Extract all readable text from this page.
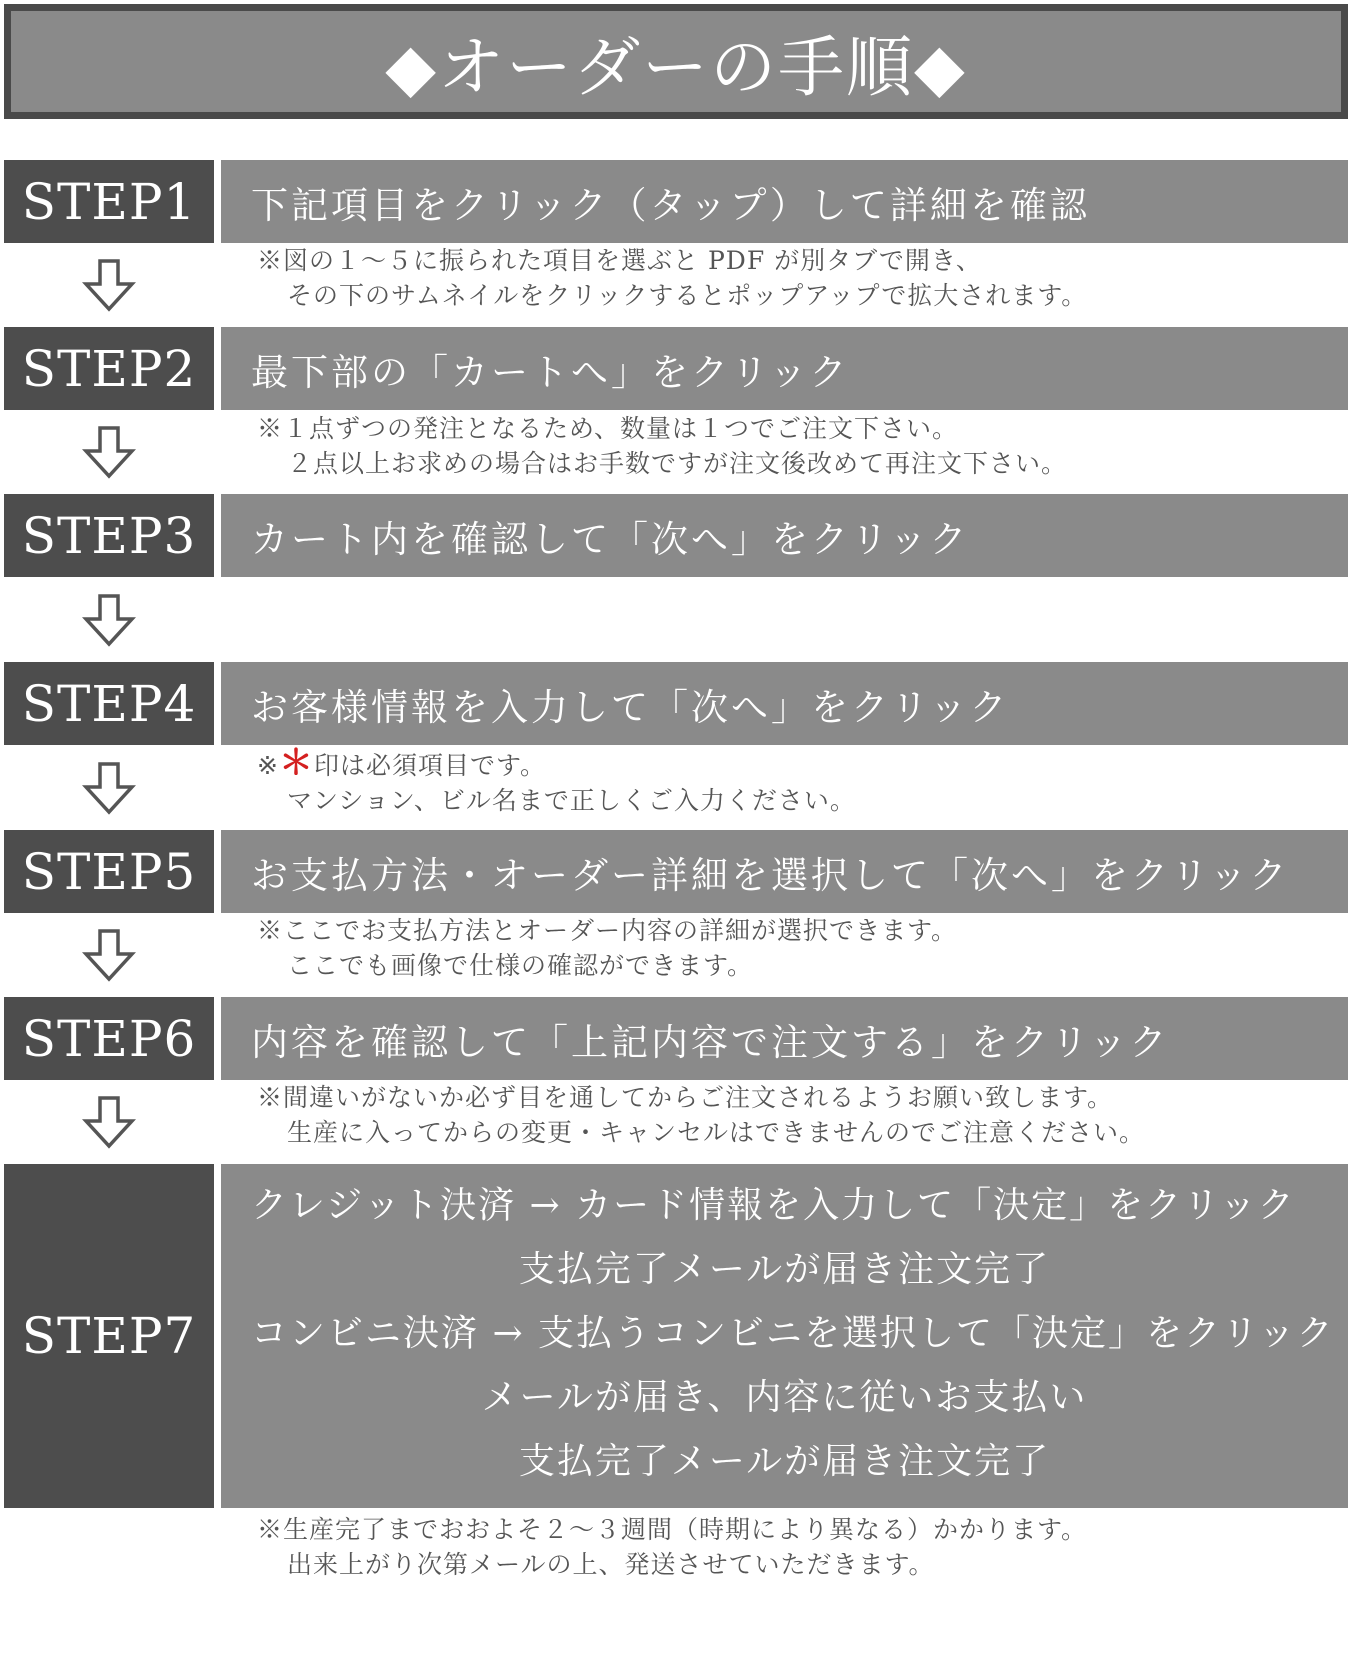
◆オーダーの手順◆
STEP1	下記項目をクリック（タップ）して詳細を確認
※図の１～５に振られた項目を選ぶと PDF が別タブで開き、
その下のサムネイルをクリックするとポップアップで拡大されます。
STEP2	最下部の「カートへ」をクリック
※１点ずつの発注となるため、数量は１つでご注文下さい。
２点以上お求めの場合はお手数ですが注文後改めて再注文下さい。
STEP3	カート内を確認して「次へ」をクリック
STEP4	お客様情報を入力して「次へ」をクリック
※＊印は必須項目です。
マンション、ビル名まで正しくご入力ください。
STEP5	お支払方法・オーダー詳細を選択して「次へ」をクリック
※ここでお支払方法とオーダー内容の詳細が選択できます。
ここでも画像で仕様の確認ができます。
STEP6	内容を確認して「上記内容で注文する」をクリック
※間違いがないか必ず目を通してからご注文されるようお願い致します。
生産に入ってからの変更・キャンセルはできませんのでご注意ください。
STEP7
クレジット決済 → カード情報を入力して「決定」をクリック
支払完了メールが届き注文完了
コンビニ決済 → 支払うコンビニを選択して「決定」をクリック
メールが届き、内容に従いお支払い
支払完了メールが届き注文完了
※生産完了までおおよそ２～３週間（時期により異なる）かかります。
出来上がり次第メールの上、発送させていただきます。
